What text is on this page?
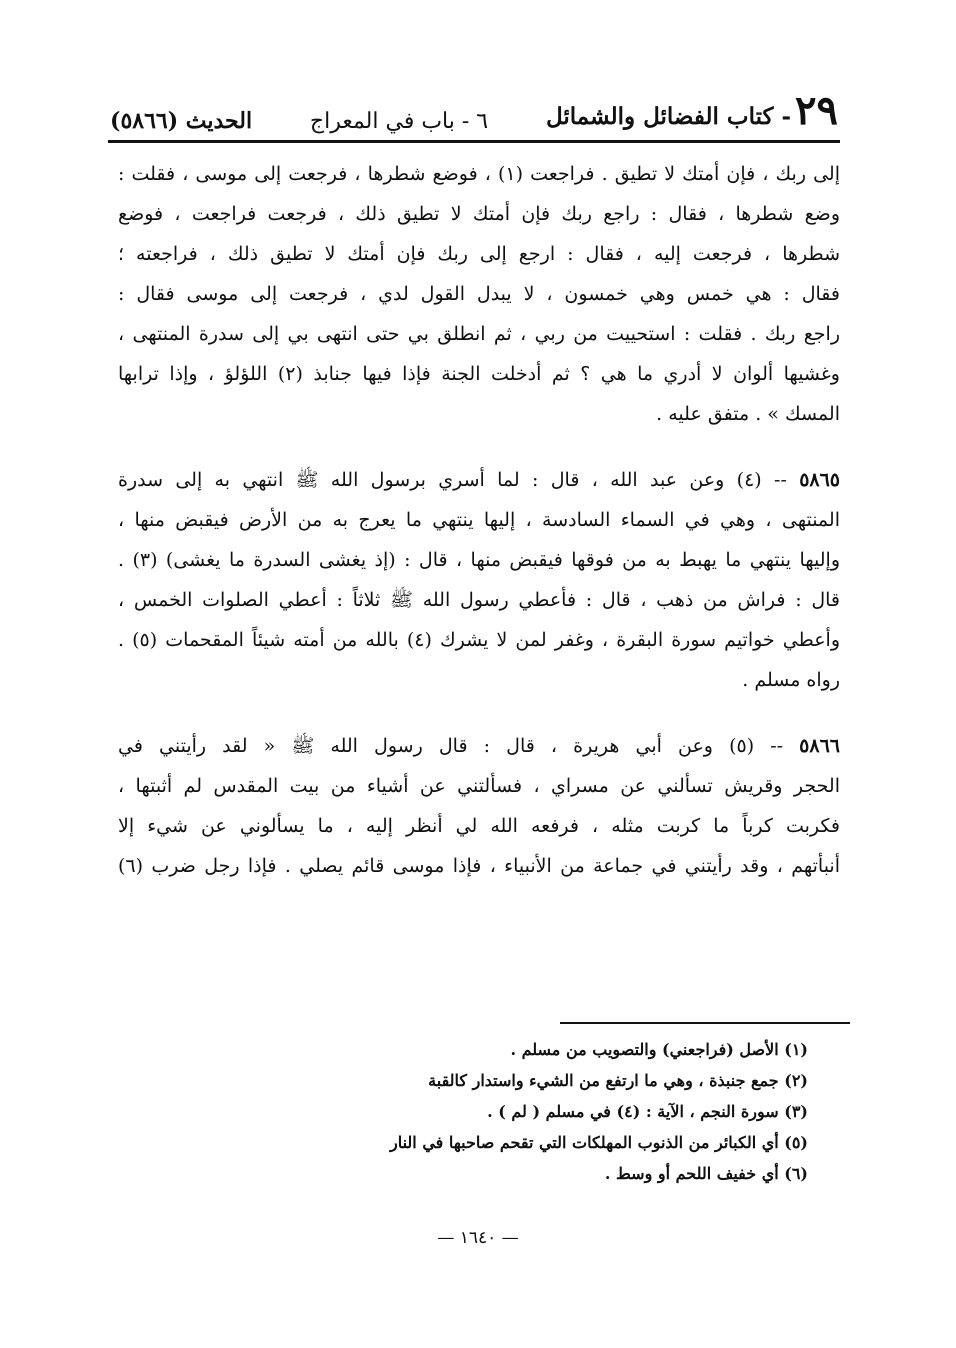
٢٩- كتاب الفضائل والشمائل
٦ - باب في المعراج
الحديث (٥٨٦٦)
إلى ربك ، فإن أمتك لا تطيق . فراجعت (١) ، فوضع شطرها ، فرجعت إلى موسى ، فقلت :
وضع شطرها ، فقال : راجع ربك فإن أمتك لا تطيق ذلك ، فرجعت فراجعت ، فوضع
شطرها ، فرجعت إليه ، فقال : ارجع إلى ربك فإن أمتك لا تطيق ذلك ، فراجعته ؛
فقال : هي خمس وهي خمسون ، لا يبدل القول لدي ، فرجعت إلى موسى فقال :
راجع ربك . فقلت : استحييت من ربي ، ثم انطلق بي حتى انتهى بي إلى سدرة المنتهى ،
وغشيها ألوان لا أدري ما هي ؟ ثم أدخلت الجنة فإذا فيها جنابذ (٢) اللؤلؤ ، وإذا ترابها
المسك » . متفق عليه .
٥٨٦٥ -- (٤) وعن عبد الله ، قال : لما أسري برسول الله ﷺ انتهي به إلى سدرة
المنتهى ، وهي في السماء السادسة ، إليها ينتهي ما يعرج به من الأرض فيقبض منها ،
وإليها ينتهي ما يهبط به من فوقها فيقبض منها ، قال : (إذ يغشى السدرة ما يغشى) (٣) .
قال : فراش من ذهب ، قال : فأعطي رسول الله ﷺ ثلاثاً : أعطي الصلوات الخمس ،
وأعطي خواتيم سورة البقرة ، وغفر لمن لا يشرك (٤) بالله من أمته شيئاً المقحمات (٥) .
رواه مسلم .
٥٨٦٦ -- (٥) وعن أبي هريرة ، قال : قال رسول الله ﷺ « لقد رأيتني في
الحجر وقريش تسألني عن مسراي ، فسألتني عن أشياء من بيت المقدس لم أثبتها ،
فكربت كرباً ما كربت مثله ، فرفعه الله لي أنظر إليه ، ما يسألوني عن شيء إلا
أنبأتهم ، وقد رأيتني في جماعة من الأنبياء ، فإذا موسى قائم يصلي . فإذا رجل ضرب (٦)
(١) الأصل (فراجعني) والتصويب من مسلم .
(٢) جمع جنبذة ، وهي ما ارتفع من الشيء واستدار كالقبة
(٣) سورة النجم ، الآية : (٤) في مسلم ( لم ) .
(٥) أي الكبائر من الذنوب المهلكات التي تقحم صاحبها في النار
(٦) أي خفيف اللحم أو وسط .
— ١٦٤٠ —
